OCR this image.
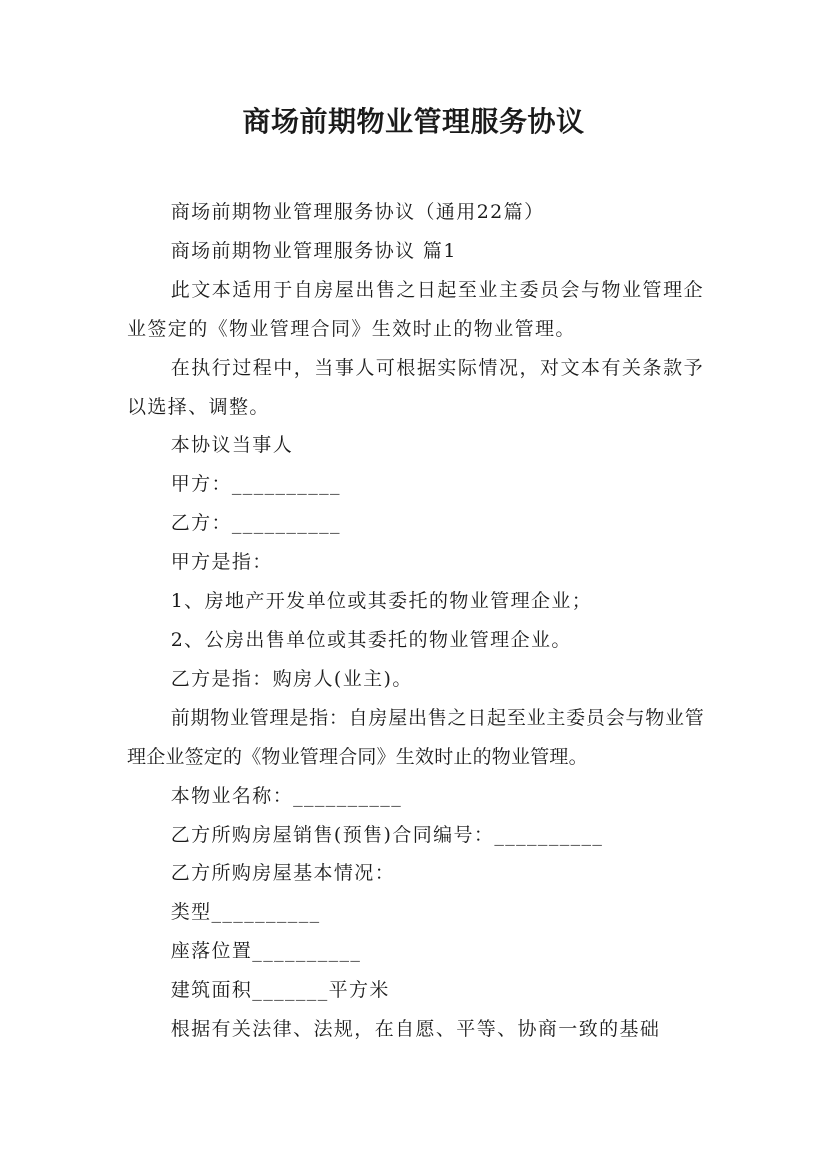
商场前期物业管理服务协议

商场前期物业管理服务协议（通用22篇）

商场前期物业管理服务协议 篇1

此文本适用于自房屋出售之日起至业主委员会与物业管理企业签定的《物业管理合同》生效时止的物业管理。

在执行过程中，当事人可根据实际情况，对文本有关条款予以选择、调整。

本协议当事人

甲方：__________

乙方：__________

甲方是指：

1、房地产开发单位或其委托的物业管理企业；

2、公房出售单位或其委托的物业管理企业。

乙方是指：购房人(业主)。

前期物业管理是指：自房屋出售之日起至业主委员会与物业管理企业签定的《物业管理合同》生效时止的物业管理。

本物业名称：__________

乙方所购房屋销售(预售)合同编号：__________

乙方所购房屋基本情况：

类型__________

座落位置__________

建筑面积_______平方米

根据有关法律、法规，在自愿、平等、协商一致的基础
